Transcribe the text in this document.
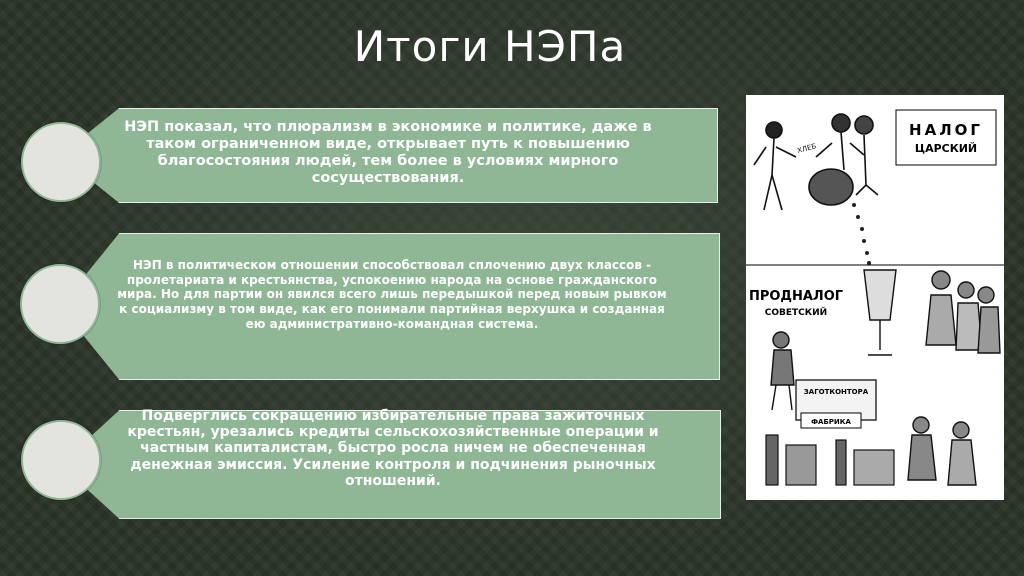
Итоги НЭПа
НЭП показал, что плюрализм в экономике и политике, даже в таком ограниченном виде, открывает путь к повышению благосостояния людей, тем более в условиях мирного сосуществования.
НЭП в политическом отношении способствовал сплочению двух классов - пролетариата и крестьянства, успокоению народа на основе гражданского мира. Но для партии он явился всего лишь передышкой перед новым рывком к социализму в том виде, как его понимали партийная верхушка и созданная ею административно-командная система.
Подверглись сокращению избирательные права зажиточных крестьян, урезались кредиты сельскохозяйственные операции и частным капиталистам, быстро росла ничем не обеспеченная денежная эмиссия. Усиление контроля и подчинения рыночных отношений.
НАЛОГ
ЦАРСКИЙ
ХЛЕБ
ПРОДНАЛОГ
СОВЕТСКИЙ
ЗАГОТКОНТОРА
ФАБРИКА
